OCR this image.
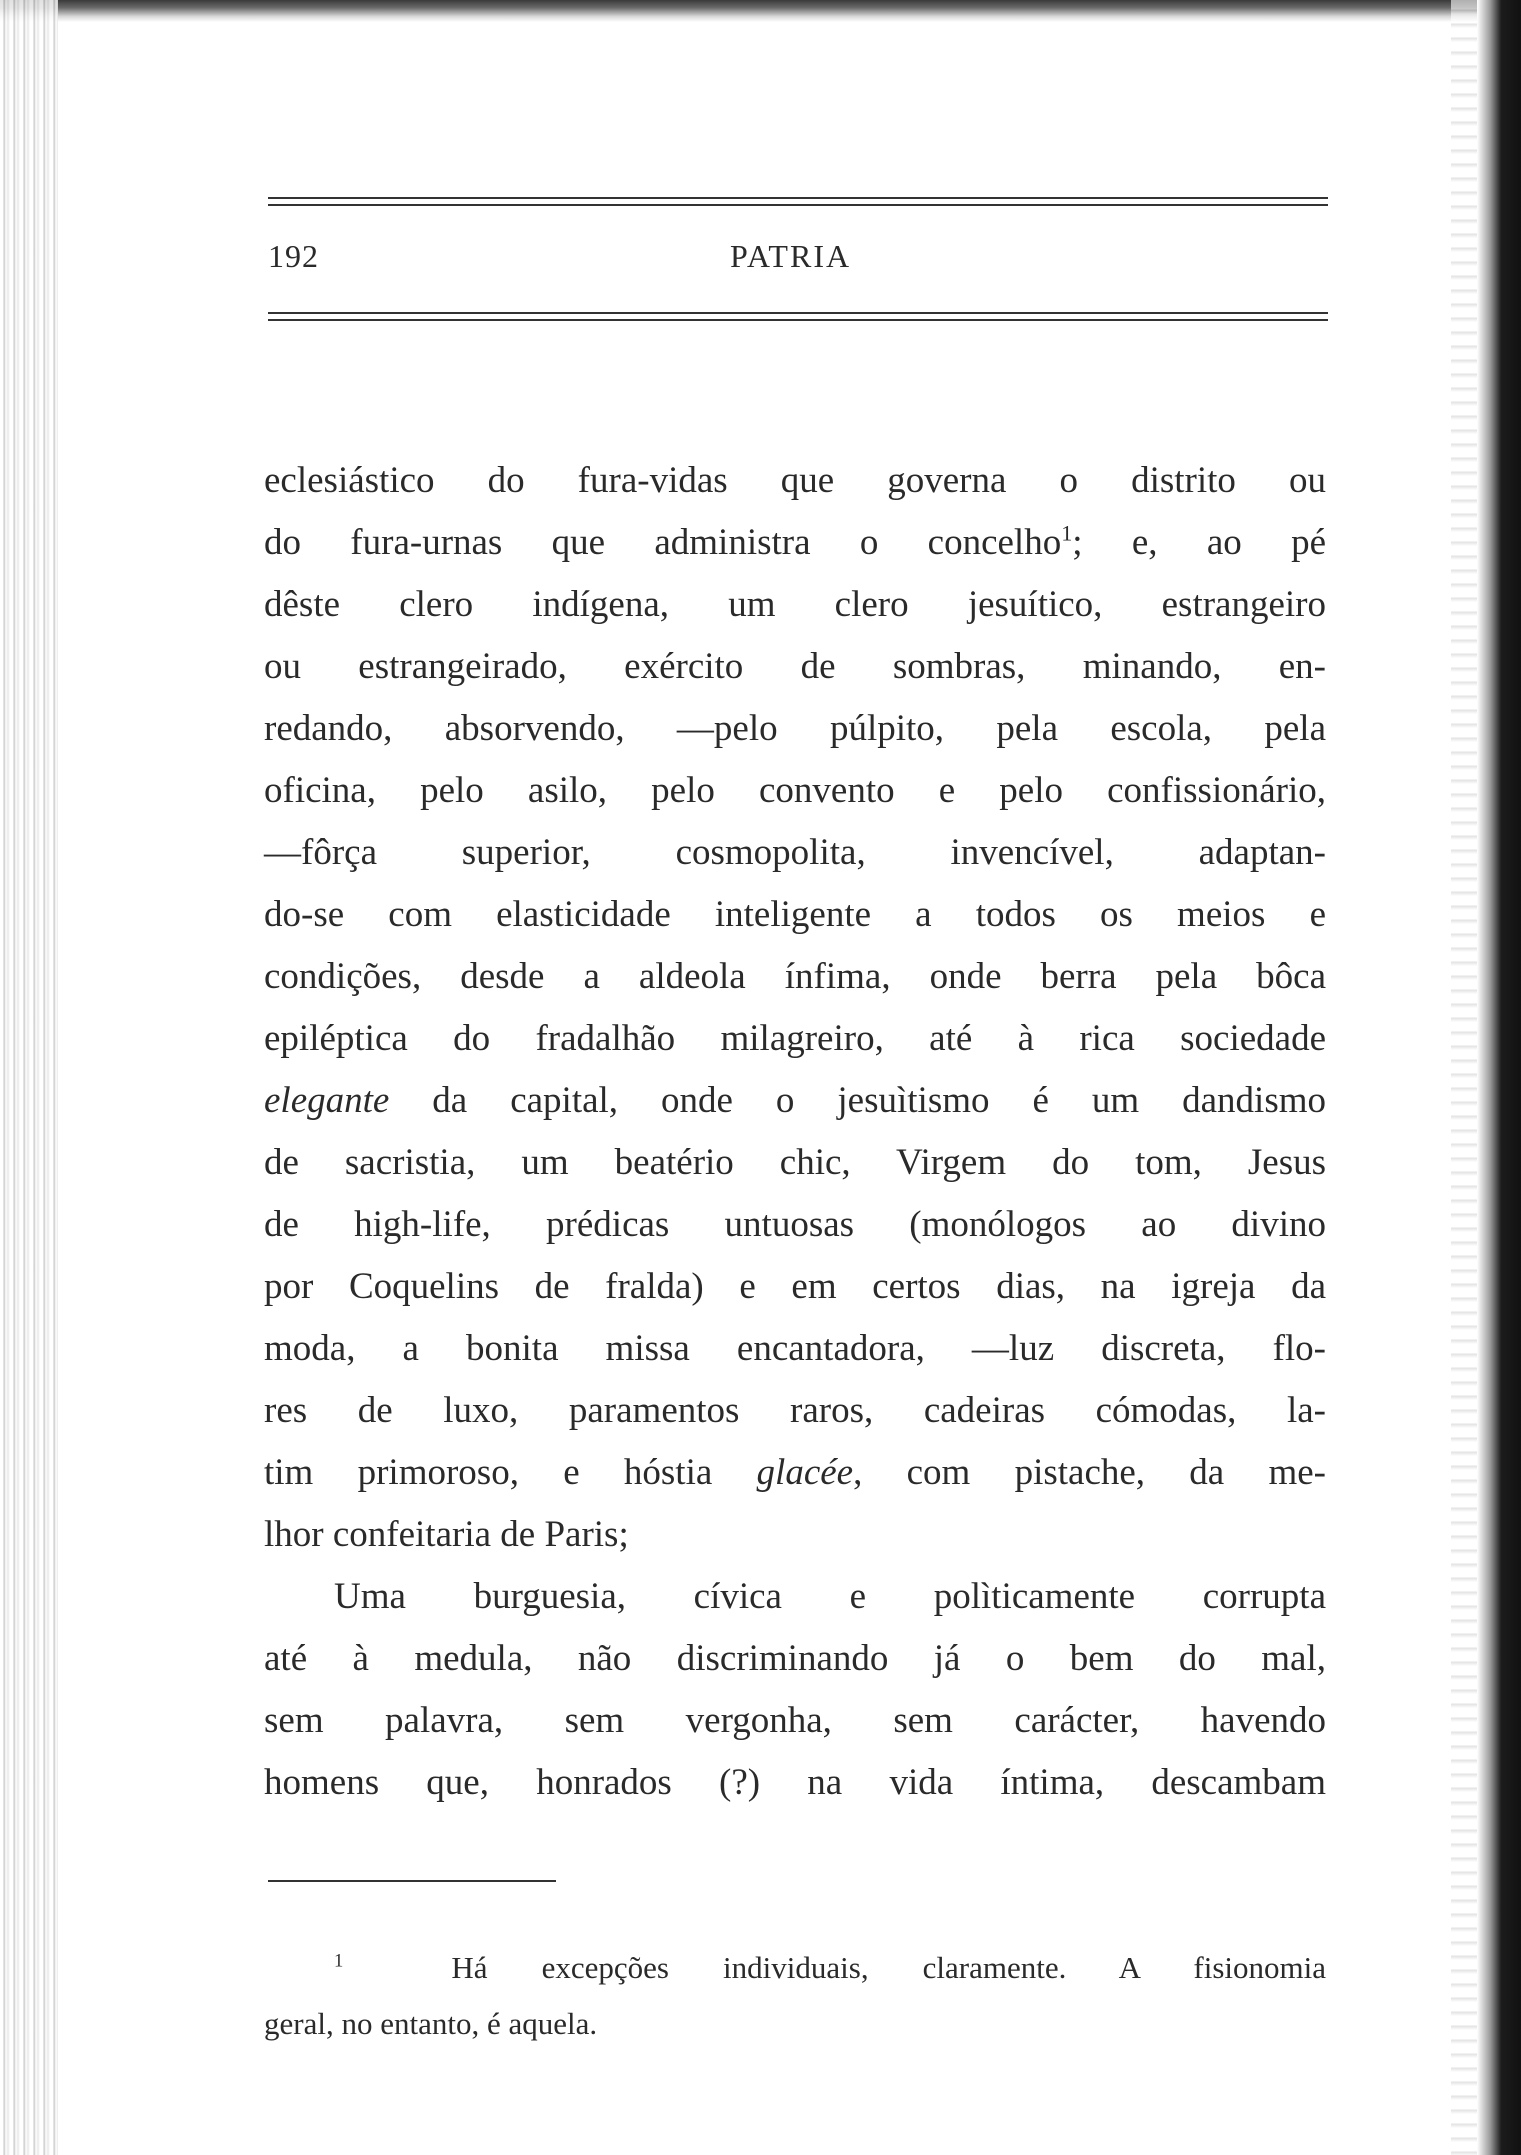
192	PATRIA
eclesiástico do fura-vidas que governa o distrito ou
do fura-urnas que administra o concelho$^1$; e, ao pé
dêste clero indígena, um clero jesuítico, estrangeiro
ou estrangeirado, exército de sombras, minando, en-
redando, absorvendo, —pelo púlpito, pela escola, pela
oficina, pelo asilo, pelo convento e pelo confissionário,
—fôrça superior, cosmopolita, invencível, adaptan-
do-se com elasticidade inteligente a todos os meios e
condições, desde a aldeola ínfima, onde berra pela bôca
epiléptica do fradalhão milagreiro, até à rica sociedade
elegante da capital, onde o jesuìtismo é um dandismo
de sacristia, um beatério chic, Virgem do tom, Jesus
de high-life, prédicas untuosas (monólogos ao divino
por Coquelins de fralda) e em certos dias, na igreja da
moda, a bonita missa encantadora, —luz discreta, flo-
res de luxo, paramentos raros, cadeiras cómodas, la-
tim primoroso, e hóstia glacée, com pistache, da me-
lhor confeitaria de Paris;
Uma burguesia, cívica e polìticamente corrupta
até à medula, não discriminando já o bem do mal,
sem palavra, sem vergonha, sem carácter, havendo
homens que, honrados (?) na vida íntima, descambam
$^1$	Há excepções individuais, claramente. A fisionomia
geral, no entanto, é aquela.
